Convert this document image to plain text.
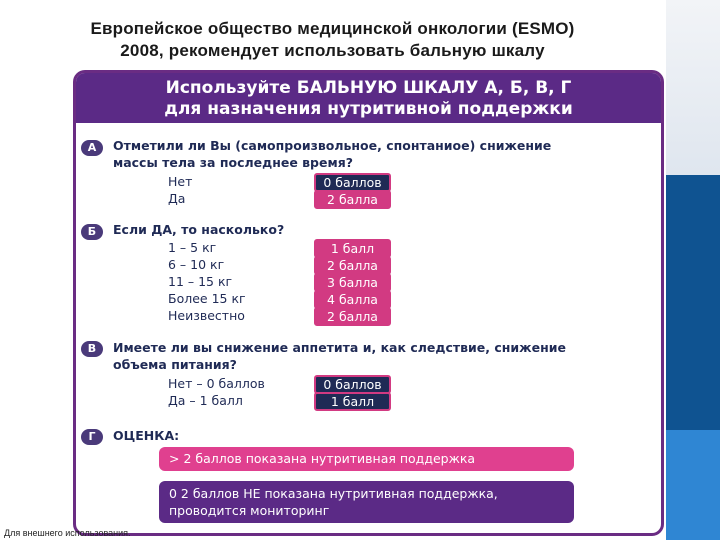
Европейское общество медицинской онкологии (ESMO)
2008, рекомендует использовать бальную шкалу
Используйте БАЛЬНУЮ ШКАЛУ А, Б, В, Г
для назначения нутритивной поддержки
А	Отметили ли Вы (самопроизвольное, спонтаниое) снижение
массы тела за последнее время?
Нет	0 баллов
Да	2 балла
Б	Если ДА, то насколько?
1 – 5 кг	1 балл
6 – 10 кг	2 балла
11 – 15 кг	3 балла
Более 15 кг	4 балла
Неизвестно	2 балла
В	Имеете ли вы снижение аппетита и, как следствие, снижение
объема питания?
Нет – 0 баллов	0 баллов
Да – 1 балл	1 балл
Г	ОЦЕНКА:
> 2 баллов показана нутритивная поддержка
0 2 баллов НЕ показана нутритивная поддержка,
проводится мониторинг
Для внешнего использования.
